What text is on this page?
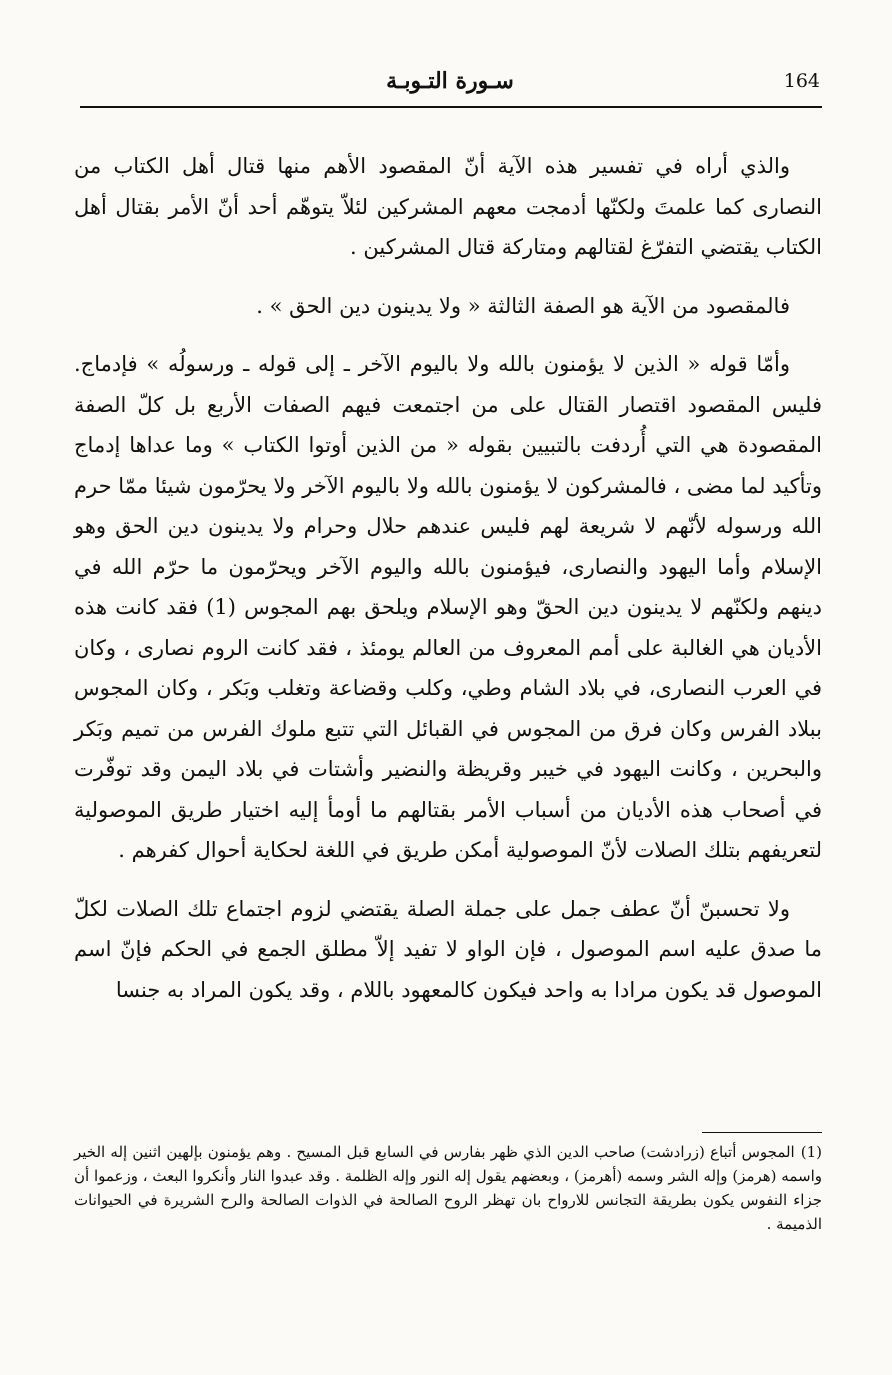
164
سـورة التـوبـة

والذي أراه في تفسير هذه الآية أنّ المقصود الأهم منها قتال أهل الكتاب من النصارى كما علمتَ ولكنّها أدمجت معهم المشركين لئلاّ يتوهّم أحد أنّ الأمر بقتال أهل الكتاب يقتضي التفرّغ لقتالهم ومتاركة قتال المشركين .

فالمقصود من الآية هو الصفة الثالثة « ولا يدينون دين الحق » .

وأمّا قوله « الذين لا يؤمنون بالله ولا باليوم الآخر ـ إلى قوله ـ ورسولُه » فإدماج. فليس المقصود اقتصار القتال على من اجتمعت فيهم الصفات الأربع بل كلّ الصفة المقصودة هي التي أُردفت بالتبيين بقوله « من الذين أوتوا الكتاب » وما عداها إدماج وتأكيد لما مضى ، فالمشركون لا يؤمنون بالله ولا باليوم الآخر ولا يحرّمون شيئا ممّا حرم الله ورسوله لأنّهم لا شريعة لهم فليس عندهم حلال وحرام ولا يدينون دين الحق وهو الإسلام وأما اليهود والنصارى، فيؤمنون بالله واليوم الآخر ويحرّمون ما حرّم الله في دينهم ولكنّهم لا يدينون دين الحقّ وهو الإسلام ويلحق بهم المجوس (1) فقد كانت هذه الأديان هي الغالبة على أمم المعروف من العالم يومئذ ، فقد كانت الروم نصارى ، وكان في العرب النصارى، في بلاد الشام وطي، وكلب وقضاعة وتغلب وبَكر ، وكان المجوس ببلاد الفرس وكان فرق من المجوس في القبائل التي تتبع ملوك الفرس من تميم وبَكر والبحرين ، وكانت اليهود في خيبر وقريظة والنضير وأشتات في بلاد اليمن وقد توفّرت في أصحاب هذه الأديان من أسباب الأمر بقتالهم ما أومأ إليه اختيار طريق الموصولية لتعريفهم بتلك الصلات لأنّ الموصولية أمكن طريق في اللغة لحكاية أحوال كفرهم .

ولا تحسبنّ أنّ عطف جمل على جملة الصلة يقتضي لزوم اجتماع تلك الصلات لكلّ ما صدق عليه اسم الموصول ، فإن الواو لا تفيد إلاّ مطلق الجمع في الحكم فإنّ اسم الموصول قد يكون مرادا به واحد فيكون كالمعهود باللام ، وقد يكون المراد به جنسا

(1)المجوس أتباع (زرادشت) صاحب الدين الذي ظهر بفارس في السابع قبل المسيح . وهم يؤمنون بإلهين اثنين إله الخير واسمه (هرمز) وإله الشر وسمه (أهرمز) ، وبعضهم يقول إله النور وإله الظلمة . وقد عبدوا النار وأنكروا البعث ، وزعموا أن جزاء النفوس يكون بطريقة التجانس للارواح بان تهظر الروح الصالحة في الذوات الصالحة والرح الشريرة في الحيوانات الذميمة .
